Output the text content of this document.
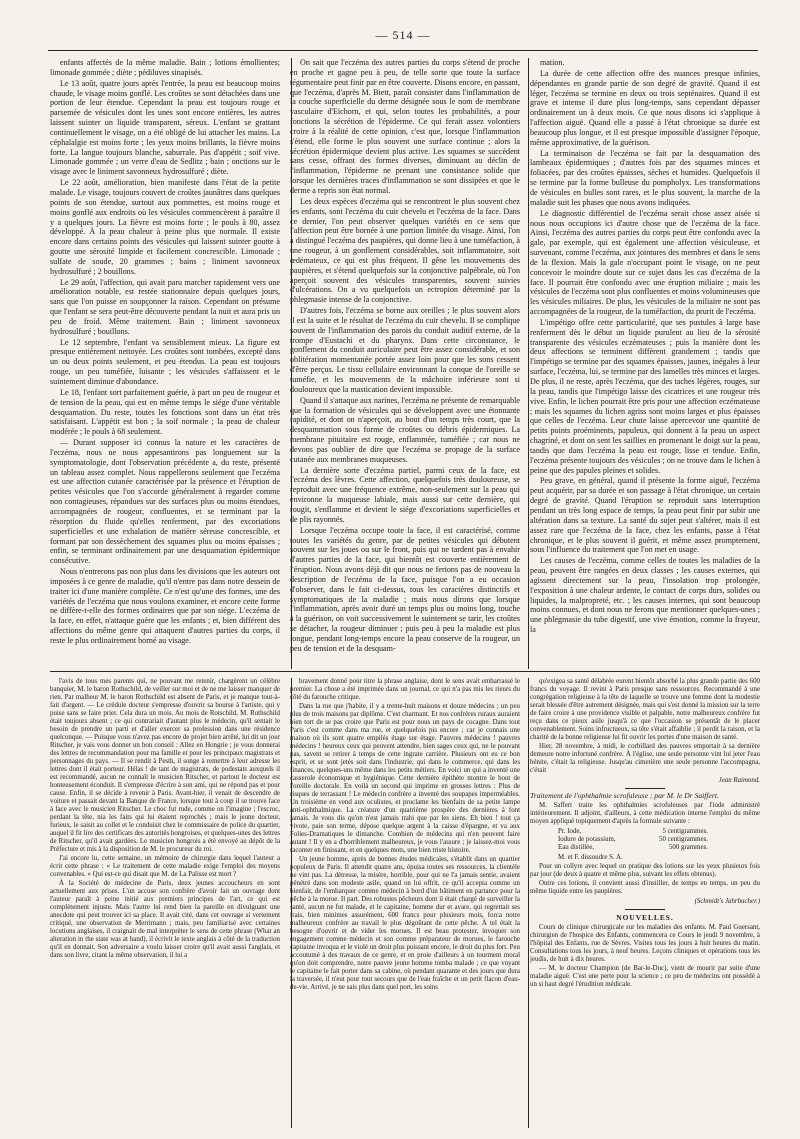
— 514 —

enfants affectés de la même maladie. Bain ; lotions émollientes; limonade gommée ; diète ; pédiluves sinapisés.

Le 13 août, quatre jours après l'entrée, la peau est beaucoup moins chaude, le visage moins gonflé. Les croûtes se sont détachées dans une portion de leur étendue. Cependant la peau est toujours rouge et parsemée de vésicules dont les unes sont encore entières, les autres laissent suinter un liquide transparent, séreux. L'enfant se grattant continuellement le visage, on a été obligé de lui attacher les mains. La céphalalgie est moins forte ; les yeux moins brillants, la fièvre moins forte. La langue toujours blanche, saburrale. Pas d'appétit ; soif vive. Limonade gommée ; un verre d'eau de Sedlitz ; bain ; onctions sur le visage avec le liniment savonneux hydrosulfuré ; diète.

Le 22 août, amélioration, bien manifeste dans l'état de la petite malade. Le visage, toujours couvert de croûtes jaunâtres dans quelques points de son étendue, surtout aux pommettes, est moins rouge et moins gonflé aux endroits où les vésicules commencèrent à paraître il y a quelques jours. La fièvre est moins forte ; le pouls à 80, assez développé. À la peau chaleur à peine plus que normale. Il existe encore dans certains points des vésicules qui laissent suinter goutte à goutte une sérosité limpide et facilement concrescible. Limonade ; sulfate de soude, 20 grammes ; bains ; liniment savonneux hydrosulfuré ; 2 bouillons.

Le 29 août, l'affection, qui avait paru marcher rapidement vers une amélioration notable, est restée stationnaire depuis quelques jours, sans que l'on puisse en soupçonner la raison. Cependant on présume que l'enfant se sera peut-être découverte pendant la nuit et aura pris un peu de froid. Même traitement. Bain ; liniment savonneux hydrosulfuré ; bouillons.

Le 12 septembre, l'enfant va sensiblement mieux. La figure est presque entièrement nettoyée. Les croûtes sont tombées, excepté dans un ou deux points seulement, et peu étendus. La peau est toujours rouge, un peu tuméfiée, luisante ; les vésicules s'affaissent et le suintement diminue d'abondance.

Le 18, l'enfant sort parfaitement guérie, à part un peu de rougeur et de tension de la peau, qui est en même temps le siége d'une véritable desquamation. Du reste, toutes les fonctions sont dans un état très satisfaisant. L'appétit est bon ; la soif normale ; la peau de chaleur modérée ; le pouls à 68 seulement.

— Durant supposer ici connus la nature et les caractères de l'eczéma, nous ne nous appesantirons pas longuement sur la symptomatologie, dont l'observation précédente a, du reste, présenté un tableau assez complet. Nous rappellerons seulement que l'eczéma est une affection cutanée caractérisée par la présence et l'éruption de petites vésicules que l'on s'accorde généralement à regarder comme non contagieuses, répandues sur des surfaces plus ou moins étendues, accompagnées de rougeur, confluentes, et se terminant par la résorption du fluide qu'elles renferment, par des excoriations superficielles et une exhalation de matière séreuse concrescible, et formant par son dessèchement des squames plus ou moins épaisses ; enfin, se terminant ordinairement par une desquamation épidermique consécutive.

Nous n'entrerons pas non plus dans les divisions que les auteurs ont imposées à ce genre de maladie, qu'il n'entre pas dans notre dessein de traiter ici d'une manière complète. Ce n'est qu'une des formes, une des variétés de l'eczéma que nous voulons examiner, et encore cette forme ne diffère-t-elle des formes ordinaires que par son siége. L'eczéma de la face, en effet, n'attaque guère que les enfants ; et, bien différent des affections du même genre qui attaquent d'autres parties du corps, il reste le plus ordinairement borné au visage.

On sait que l'eczéma des autres parties du corps s'étend de proche en proche et gagne peu à peu, de telle sorte que toute la surface tégumentaire peut finir par en être couverte. Disons encore, en passant, que l'eczéma, d'après M. Biett, paraît consister dans l'inflammation de la couche superficielle du derme désignée sous le nom de membrane vasculaire d'Eichorn, et qui, selon toutes les probabilités, a pour fonctions la sécrétion de l'épiderme. Ce qui ferait assez volontiers croire à la réalité de cette opinion, c'est que, lorsque l'inflammation s'étend, elle forme le plus souvent une surface continue ; alors la sécrétion épidermique devient plus active. Les squames se succèdent sans cesse, offrant des formes diverses, diminuant au déclin de l'inflammation, l'épiderme ne prenant une consistance solide que lorsque les dernières traces d'inflammation se sont dissipées et que le derme a repris son état normal.

Les deux espèces d'eczéma qui se rencontrent le plus souvent chez les enfants, sont l'eczéma du cuir chevelu et l'eczéma de la face. Dans ce dernier, l'on peut observer quelques variétés en ce sens que l'affection peut être bornée à une portion limitée du visage. Ainsi, l'on a distingué l'eczéma des paupières, qui donne lieu à une tuméfaction, à une rougeur, à un gonflement considérables, soit inflammatoire, soit œdémateux, ce qui est plus fréquent. Il gêne les mouvements des paupières, et s'étend quelquefois sur la conjonctive palpébrale, où l'on aperçoit souvent des vésicules transparentes, souvent suivies d'ulcérations. On a vu quelquefois un ectropion déterminé par la phlegmasie intense de la conjonctive.

D'autres fois, l'eczéma se borne aux oreilles ; le plus souvent alors il est la suite et le résultat de l'eczéma du cuir chevelu. Il se complique souvent de l'inflammation des parois du conduit auditif externe, de la trompe d'Eustachi et du pharynx. Dans cette circonstance, le gonflement du conduit auriculaire peut être assez considérable, et son oblitération momentanée portée assez loin pour que les sons cessent d'être perçus. Le tissu cellulaire environnant la conque de l'oreille se tuméfie, et les mouvements de la mâchoire inférieure sont si douloureux que la mastication devient impossible.

Quand il s'attaque aux narines, l'eczéma ne présente de remarquable que la formation de vésicules qui se développent avec une étonnante rapidité, et dont on n'aperçoit, au bout d'un temps très court, que la desquammation sous forme de croûtes ou débris épidermiques. La membrane pituitaire est rouge, enflammée, tuméfiée ; car nous ne devons pas oublier de dire que l'eczéma se propage de la surface cutanée aux membranes muqueuses.

La dernière sorte d'eczéma partiel, parmi ceux de la face, est l'eczéma des lèvres. Cette affection, quelquefois très douloureuse, se reproduit avec une fréquence extrême, non-seulement sur la peau qui environne la muqueuse labiale, mais aussi sur cette dernière, qui rougit, s'enflamme et devient le siége d'excoriations superficielles et de plis rayonnés.

Lorsque l'eczéma occupe toute la face, il est caractérisé, comme toutes les variétés du genre, par de petites vésicules qui débutent souvent sur les joues ou sur le front, puis qui ne tardent pas à envahir d'autres parties de la face, qui bientôt est couverte entièrement de l'éruption. Nous avons déjà dit que nous ne ferions pas de nouveau la description de l'eczéma de la face, puisque l'on a eu occasion d'observer, dans le fait ci-dessus, tous les caractères distinctifs et symptomatiques de la maladie ; mais nous dirons que lorsque l'inflammation, après avoir duré un temps plus ou moins long, touche à la guérison, on voit successivement le suintement se tarir, les croûtes se détacher, la rougeur diminuer ; puis peu à peu la maladie est plus longue, pendant long-temps encore la peau conserve de la rougeur, un peu de tension et de la desquam-

mation.

La durée de cette affection offre des nuances presque infinies, dépendantes en grande partie de son degré de gravité. Quand il est léger, l'eczéma se termine en deux ou trois septénaires. Quand il est grave et intense il dure plus long-temps, sans cependant dépasser ordinairement un à deux mois. Ce que nous disons ici s'applique à l'affection aiguë. Quand elle a passé à l'état chronique sa durée est beaucoup plus longue, et il est presque impossible d'assigner l'époque, même approximative, de la guérison.

La terminaison de l'eczéma se fait par la desquamation des lambeaux épidermiques ; d'autres fois par des squames minces et foliacées, par des croûtes épaisses, sèches et humides. Quelquefois il se termine par la forme bulleuse du pompholyx. Les transformations de vésicules en bulles sont rares, et le plus souvent, la marche de la maladie suit les phases que nous avons indiquées.

Le diagnostic différentiel de l'eczéma serait chose assez aisée si nous nous occupions ici d'autre chose que de l'eczéma de la face. Ainsi, l'eczéma des autres parties du corps peut être confondu avec la gale, par exemple, qui est également une affection vésiculeuse, et survenant, comme l'eczéma, aux jointures des membres et dans le sens de la flexion. Mais la gale n'occupant point le visage, on ne peut concevoir le moindre doute sur ce sujet dans les cas d'eczéma de la face. Il pourrait être confondu avec une éruption miliaire ; mais les vésicules de l'eczéma sont plus confluentes et moins volumineuses que les vésicules miliaires. De plus, les vésicules de la miliaire ne sont pas accompagnées de la rougeur, de la tuméfaction, du prurit de l'eczéma.

L'impétigo offre cette particularité, que ses pustules à large base renferment dès le début un liquide purulent au lieu de la sérosité transparente des vésicules eczémateuses ; puis la manière dont les deux affections se terminent diffèrent grandement ; tandis que l'impétigo se termine par des squames épaisses, jaunes, inégales à leur surface, l'eczéma, lui, se termine par des lamelles très minces et larges. De plus, il ne reste, après l'eczéma, que des taches légères, rouges, sur la peau, tandis que l'impétigo laisse des cicatrices et une rougeur très vive. Enfin, le lichen pourrait être pris pour une affection eczémateuse ; mais les squames du lichen agriss sont moins larges et plus épaisses que celles de l'eczéma. Leur chute laisse apercevoir une quantité de petits points proéminents, papuleux, qui donnent à la peau un aspect chagriné, et dont on sent les saillies en promenant le doigt sur la peau, tandis que dans l'eczéma la peau est rouge, lisse et tendue. Enfin, l'eczéma présente toujours des vésicules ; on ne trouve dans le lichen à peine que des papules pleines et solides.

Peu grave, en général, quand il présente la forme aiguë, l'eczéma peut acquérir, par sa durée et son passage à l'état chronique, un certain degré de gravité. Quand l'éruption se reproduit sans interruption pendant un très long espace de temps, la peau peut finir par subir une altération dans sa texture. La santé du sujet peut s'altérer, mais il est assez rare que l'eczéma de la face, chez les enfants, passe à l'état chronique, et le plus souvent il guérit, et même assez promptement, sous l'influence du traitement que l'on met en usage.

Les causes de l'eczéma, comme celles de toutes les maladies de la peau, peuvent être rangées en deux classes ; les causes externes, qui agissent directement sur la peau, l'insolation trop prolongée, l'exposition à une chaleur ardente, le contact de corps durs, solides ou liquides, la malpropreté, etc. ; les causes internes, qui sont beaucoup moins connues, et dont nous ne ferons que mentionner quelques-unes ; une phlegmasie du tube digestif, une vive émotion, comme la frayeur, la

l'avis de tous mes parents qui, ne pouvant me retenir, chargèrent un célèbre banquier, M. le baron Rothschild, de veiller sur moi et de ne me laisser manquer de rien. Par malheur M. le baron Rothschild est absent de Paris, et je manque tout-à-fait d'argent. — Le crédule docteur s'empresse d'ouvrir sa bourse à l'artiste, qui y puise sans se faire prier. Cela dura un mois. Au mois de Rotschild, M. Rothschild était toujours absent ; ce qui contrariait d'autant plus le médecin, qu'il sentait le besoin de prendre un parti et d'aller exercer sa profession dans une résidence quelconque. — Puisque vous n'avez pas encore de projet bien arrêté, lui dit un jour Ritscher, je vais vous donner un bon conseil : Allez en Hongrie ; je vous donnerai des lettres de recommandation pour ma famille et pour les principaux magistrats et personnages du pays. — Il se rendit à Pesth, il songe à remettre à leur adresse les lettres dont il était porteur. Hélas ! de tant de magistrats, de podestats auxquels il est recommandé, aucun ne connaît le musicien Ritscher, et partout le docteur est honteusement éconduit. Il s'empresse d'écrire à son ami, qui ne répond pas et pour cause. Enfin, il se décide à revenir à Paris. Avant-hier, il venait de descendre de voiture et passait devant la Banque de France, lorsque tout à coup il se trouve face à face avec le musicien Ritscher. Le choc fut rude, comme on l'imagine ; l'escroc, perdant la tête, nia les faits qui lui étaient reprochés ; mais le jeune docteur, furieux, le saisit au collet et le conduisit chez le commissaire de police du quartier, auquel il fit lire des certificats des autorités hongroises, et quelques-unes des lettres de Ritscher, qu'il avait gardées. Le musicien hongrois a été envoyé au dépôt de la Préfecture et mis à la disposition de M. le procureur du roi.

J'ai encore lu, cette semaine, un mémoire de chirurgie dans lequel l'auteur a écrit cette phrase : « Le traitement de cette maladie exige l'emploi des moyens convenables. » Qui est-ce qui disait que M. de La Palisse est mort ?

À la Société de médecine de Paris, deux jeunes accoucheurs en sont actuellement aux prises. L'un accuse son confrère d'avoir fait un ouvrage dont l'auteur paraît à peine initié aux premiers principes de l'art, ce qui est complètement injuste. Mais l'autre lui rend bien la pareille en divulguant une anecdote qui peut trouver ici sa place. Il avait cité, dans cet ouvrage si vertement critiqué, une observation de Merrimann ; mais, peu familiarisé avec certaines locutions anglaises, il craignait de mal interpréter le sens de cette phrase (What an alteration in the state was at hand), il écrivit le texte anglais à côté de la traduction qu'il en donnait. Son adversaire a voulu laisser croire qu'il avait aussi l'anglais, et dans son livre, citant la même observation, il lui a

bravement donné pour titre la phrase anglaise, dont le sens avait embarrassé le premier. La chose a été imprimée dans un journal, ce qui n'a pas mis les rieurs du côté du farouche critique.

Dans la rue que j'habite, il y a trente-huit maisons et douze médecins ; un peu plus de trois maisons par diplôme. C'est charmant. Et nos confrères ruraux auraient bien tort de se pas croire que Paris est pour nous un pays de cocagne. Dans tout Paris c'est comme dans ma rue, et quelquefois pis encore ; car je connais une maison où ils sont quatre empilés étage sur étage. Pauvres médecins ! pauvres médecins ! heureux ceux qui peuvent attendre, bien sages ceux qui, ne le pouvant pas, savent se retirer à temps de cette ingrate carrière. Plusieurs ont eu ce bon esprit, et se sont jetés soit dans l'industrie, qui dans le commerce, qui dans les finances, quelques-uns même dans les petits métiers. En voici un qui a inventé une casserole économique et hygiénique. Cette dernière épithète montre le bout de l'oreille doctorale. En voilà un second qui imprime en grosses lettres : Plus de risques de terrassant ! Le médecin confrère a inventé des soupapes imperméables. Un troisième en vend aux oculistes, et proclame les bienfaits de sa petite lampe anti-ophthalmique. La créature d'un quatrième prospère des dernières à font jamais. Je vous dis qu'on n'est jamais trahi que par les siens. Eh bien ! tout ça vivote, paie son terme, dépose quelque argent à la caisse d'épargne, et va aux Folies-Dramatiques le dimanche. Combien de médecins qui n'en peuvent faire autant ! Il y en a d'horriblement malheureux, je vous l'assure ; je laissez-moi vous raconter en finissant, et en quelques mots, une bien triste histoire.

Un jeune homme, après de bonnes études médicales, s'établit dans un quartier populeux de Paris. Il attendit quatre ans, épuisa toutes ses ressources, la clientèle ne vint pas. La détresse, la misère, horrible, pour qui ne l'a jamais sentie, avaient pénétré dans son modeste asile, quand on lui offrit, ce qu'il accepta comme un bienfait, de l'embarquer comme médecin à bord d'un bâtiment en partance pour la pêche à la morue. Il part. Des robustes pêcheurs dont il était chargé de surveiller la santé, aucun ne fut malade, et le capitaine, homme dur et avare, qui regrettait ses frais, bien minimes assurément, 600 francs pour plusieurs mois, forca notre malheureux confrère au travail le plus dégoûtant de cette pêche. À tel était la besogne d'ouvrir et de vider les morues. Il est beau protester, invoquer son engagement comme médecin et son comme préparateur de morues, le farouche capitaine invoqua et le violé un droit plus puissant encore, le droit du plus fort. Peu accoutumé à des travaux de ce genre, et en proie d'ailleurs à un tourment moral qu'on doit comprendre, notre pauvre jeune homme tomba malade ; ce que voyant le capitaine le fait porter dans sa cabine, où pendant quarante et des jours que dura la traversée, il n'eut pour tout secours que de l'eau fraîche et un petit flacon d'eau-de-vie. Arrivé, je ne sais plus dans quel port, les soins

qu'exigea sa santé délabrée eurent bientôt absorbé la plus grande partie des 600 francs du voyage. Il revint à Paris presque sans ressources. Recommandé à une congrégation religieuse à la tête de laquelle se trouve une femme dont la modestie serait blessée d'être autrement désignée, mais qui s'est donné la mission sur la terre de faire croire à une providence visible et palpable, notre malheureux confrère fut reçu dans ce pieux asile jusqu'à ce que l'occasion se présentât de le placer convenablement. Soins infructueux, sa tête s'était affaiblie ; il perdit la raison, et la charité de la bonne religieuse lui fit ouvrir les portes d'une maison de santé.

Hier, 28 novembre, à midi, le corbillard des pauvres emportait à sa dernière demeure notre infortuné confrère. À l'église, une seule personne vint lui jeter l'eau bénite, c'était la religieuse. Jusqu'au cimetière une seule personne l'accompagna, c'était

Jean Raimond.

Traitement de l'ophthalmie scrofuleuse ; par M. le Dr Saiffert.

M. Saffert traite les ophthalmies scrofuleuses par l'iode administré intérieurement. Il adjoint, d'ailleurs, à cette médication interne l'emploi du même moyen appliqué topiquement d'après la formule suivante :

Pr. Iode,	5 centigrammes.
Iodure de potassium,	50 centigrammes.
Eau distillée,	500 grammes.

M. et F. dissoudre S. A.

Pour un collyre avec lequel on pratique des lotions sur les yeux plusieurs fois par jour (de deux à quatre et même plus, suivant les effets obtenus).

Outre ces lotions, il convient aussi d'instiller, de temps en temps, un peu du même liquide entre les paupières.

(Schmidt's Jahrbucher.)

NOUVELLES.

Cours de clinique chirurgicale sur les maladies des enfants. M. Paul Guersant, chirurgien de l'hospice des Enfants, commencera ce Cours le jeudi 9 novembre, à l'hôpital des Enfants, rue de Sèvres. Visites tous les jours à huit heures du matin. Consultations tous les jours, à neuf heures. Leçons cliniques et opérations tous les jeudis, de huit à dix heures.

— M. le docteur Champion (de Bar-le-Duc), vient de mourir par suite d'une maladie aiguë. C'est une perte pour la science ; ce peu de médecins ont possédé à un si haut degré l'érudition médicale.
